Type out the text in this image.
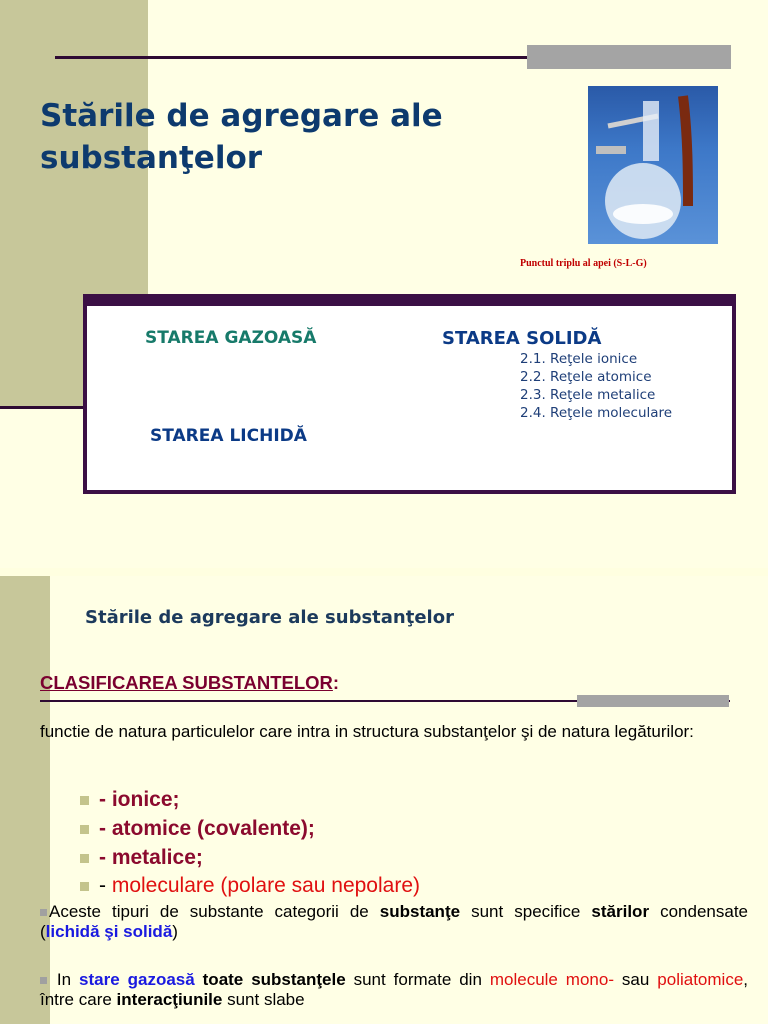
Stările de agregare ale substanţelor
Punctul triplu al apei (S-L-G)
STAREA GAZOASĂ	STAREA SOLIDĂ
2.1. Reţele ionice
2.2. Reţele atomice
2.3. Reţele metalice
2.4. Reţele moleculare
STAREA LICHIDĂ
Stările de agregare ale substanţelor
CLASIFICAREA SUBSTANTELOR:
functie de natura particulelor care intra in structura substanţelor şi de natura legăturilor:
- ionice;
- atomice (covalente);
- metalice;
- moleculare (polare sau nepolare)
Aceste tipuri de substante categorii de substanţe sunt specifice stărilor condensate (lichidă şi solidă)
In stare gazoasă toate substanţele sunt formate din molecule mono- sau poliatomice, între care interacţiunile sunt slabe
